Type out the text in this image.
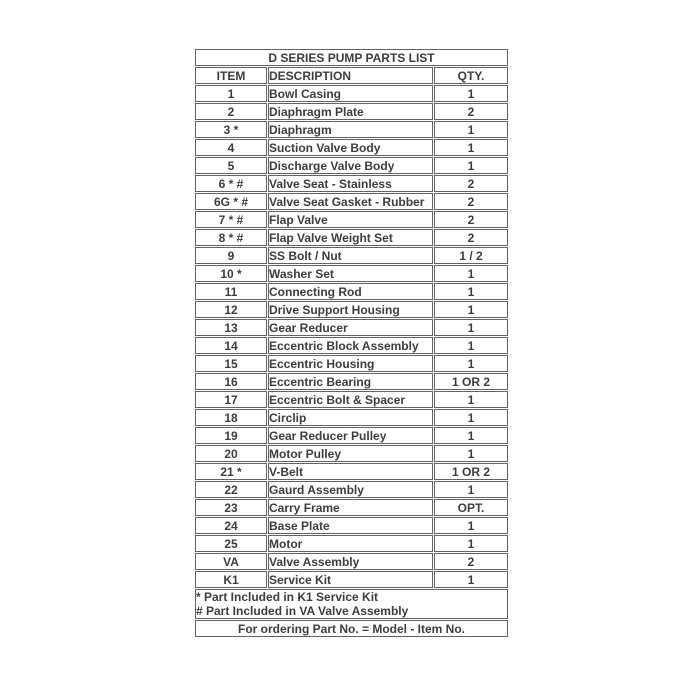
D SERIES PUMP PARTS LIST		
ITEM	DESCRIPTION	QTY.
1	Bowl Casing	1
2	Diaphragm Plate	2
3 *	Diaphragm	1
4	Suction Valve Body	1
5	Discharge Valve Body	1
6 * #	Valve Seat - Stainless	2
6G * #	Valve Seat Gasket - Rubber	2
7 * #	Flap Valve	2
8 * #	Flap Valve Weight Set	2
9	SS Bolt / Nut	1 / 2
10 *	Washer Set	1
11	Connecting Rod	1
12	Drive Support Housing	1
13	Gear Reducer	1
14	Eccentric Block Assembly	1
15	Eccentric Housing	1
16	Eccentric Bearing	1 OR 2
17	Eccentric Bolt & Spacer	1
18	Circlip	1
19	Gear Reducer Pulley	1
20	Motor Pulley	1
21 *	V-Belt	1 OR 2
22	Gaurd Assembly	1
23	Carry Frame	OPT.
24	Base Plate	1
25	Motor	1
VA	Valve Assembly	2
K1	Service Kit	1

* Part Included in K1 Service Kit
# Part Included in VA Valve Assembly		

For ordering Part No. = Model - Item No.		
